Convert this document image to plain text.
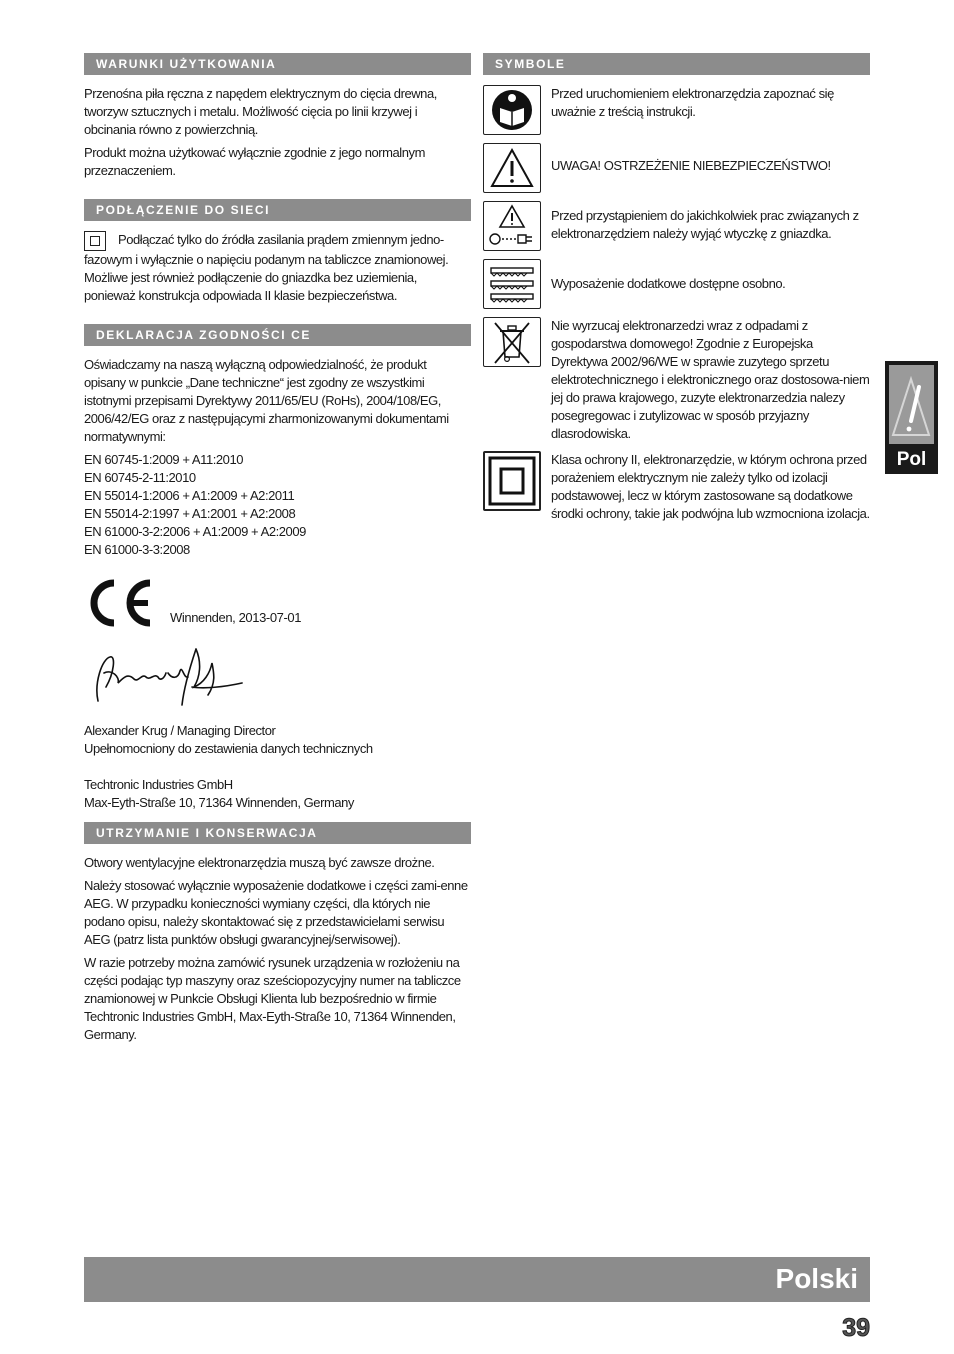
WARUNKI UŻYTKOWANIA

Przenośna piła ręczna z napędem elektrycznym do cięcia drewna, tworzyw sztucznych i metalu. Możliwość cięcia po linii krzywej i obcinania równo z powierzchnią.

Produkt można użytkować wyłącznie zgodnie z jego normalnym przeznaczeniem.

PODŁĄCZENIE DO SIECI

Podłączać tylko do źródła zasilania prądem zmiennym jedno-fazowym i wyłącznie o napięciu podanym na tabliczce znamionowej. Możliwe jest również podłączenie do gniazdka bez uziemienia, ponieważ konstrukcja odpowiada II klasie bezpieczeństwa.

DEKLARACJA ZGODNOŚCI CE

Oświadczamy na naszą wyłączną odpowiedzialność, że produkt opisany w punkcie „Dane techniczne“ jest zgodny ze wszystkimi istotnymi przepisami Dyrektywy 2011/65/EU (RoHs), 2004/108/EG, 2006/42/EG oraz z następującymi zharmonizowanymi dokumentami normatywnymi:

EN 60745-1:2009 + A11:2010

EN 60745-2-11:2010

EN 55014-1:2006 + A1:2009 + A2:2011

EN 55014-2:1997 + A1:2001 + A2:2008

EN 61000-3-2:2006 + A1:2009 + A2:2009

EN 61000-3-3:2008

Winnenden, 2013-07-01

Alexander Krug / Managing Director

Upełnomocniony do zestawienia danych technicznych

Techtronic Industries GmbH

Max-Eyth-Straße 10, 71364 Winnenden, Germany

UTRZYMANIE I KONSERWACJA

Otwory wentylacyjne elektronarzędzia muszą być zawsze drożne.

Należy stosować wyłącznie wyposażenie dodatkowe i części zami-enne AEG. W przypadku konieczności wymiany części, dla których nie podano opisu, należy skontaktować się z przedstawicielami serwisu AEG (patrz lista punktów obsługi gwarancyjnej/serwisowej).

W razie potrzeby można zamówić rysunek urządzenia w rozłożeniu na części podając typ maszyny oraz sześciopozycyjny numer na tabliczce znamionowej w Punkcie Obsługi Klienta lub bezpośrednio w firmie Techtronic Industries GmbH, Max-Eyth-Straße 10, 71364 Winnenden, Germany.

SYMBOLE
Przed uruchomieniem elektronarzędzia zapoznać się uważnie z treścią instrukcji.
UWAGA! OSTRZEŻENIE NIEBEZPIECZEŃSTWO!
Przed przystąpieniem do jakichkolwiek prac związanych z elektronarzędziem należy wyjąć wtyczkę z gniazdka.
Wyposażenie dodatkowe dostępne osobno.
Nie wyrzucaj elektronarzedzi wraz z odpadami z gospodarstwa domowego! Zgodnie z Europejska Dyrektywa 2002/96/WE w sprawie zuzytego sprzetu elektrotechnicznego i elektronicznego oraz dostosowa-niem jej do prawa krajowego, zuzyte elektronarzedzia nalezy posegregowac i zutylizowac w sposób przyjazny dlasrodowiska.
Klasa ochrony II, elektronarzędzie, w którym ochrona przed porażeniem elektrycznym nie zależy tylko od izolacji podstawowej, lecz w którym zastosowane są dodatkowe środki ochrony, takie jak podwójna lub wzmocniona izolacja.
Pol
Polski
39
